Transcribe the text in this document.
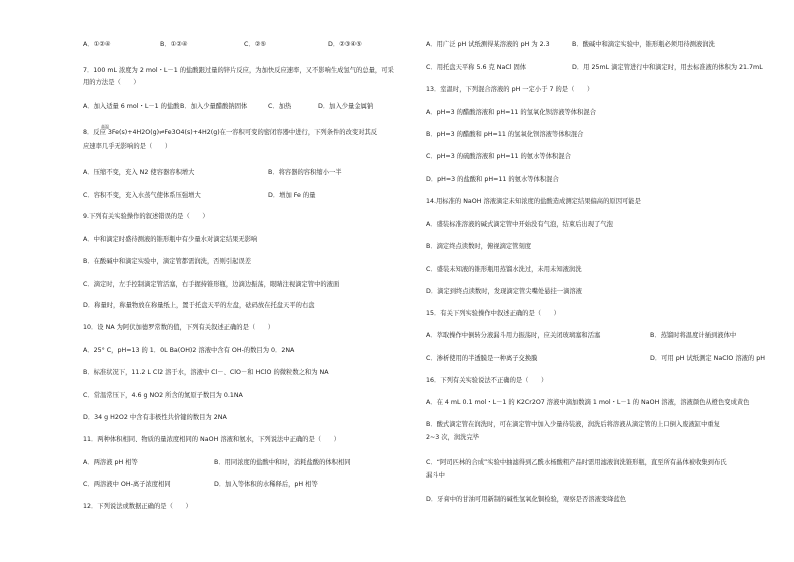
A．①②④	B．①②④	C．②⑤	D．②③④⑤
7．100 mL 浓度为 2 mol・L－1 的盐酸跟过量的锌片反应，为加快反应速率，又不影响生成氢气的总量，可采
用的方法是（　　）
A．加入适量 6 mol・L－1 的盐酸 B．加入少量醋酸钠固体	C．加热	D．加入少量金属钠
高温
8．反应 3Fe(s)+4H2O(g)⇌Fe3O4(s)+4H2(g)在一容积可变的密闭容器中进行，下列条件的改变对其反
应速率几乎无影响的是（　　）
A．压缩不变，充入 N2 使容器容积增大	B．将容器的容积缩小一半
C．容积不变，充入水蒸气使体系压强增大	D．增加 Fe 的量
9.下列有关实验操作的叙述错误的是（　　）
A．中和滴定时盛待测液的锥形瓶中有少量水对滴定结果无影响
B．在酸碱中和滴定实验中，滴定管都需润洗，否则引起误差
C．滴定时，左手控制滴定管活塞，右手握持锥形瓶，边滴边振荡，眼睛注视滴定管中的液面
D．称量时，称量物放在称量纸上，置于托盘天平的左盘，砝码放在托盘天平的右盘
10．设 NA 为阿伏加德罗常数的值，下列有关叙述正确的是（　　）
A．25° C，pH=13 的 1．0L Ba(OH)2 溶液中含有 OH-的数目为 0．2NA
B．标准状况下，11.2 L Cl2 溶于水，溶液中 Cl－、ClO－和 HClO 的微粒数之和为 NA
C．常温常压下，4.6 g NO2 所含的氮原子数目为 0.1NA
D．34 g H2O2 中含有非极性共价键的数目为 2NA
11．两种体积相同、物质的量浓度相同的 NaOH 溶液和氨水，下列说法中正确的是（　　）
A．两溶液 pH 相等	B．用同浓度的盐酸中和时，消耗盐酸的体积相同
C．两溶液中 OH-离子浓度相同	D．加入等体积的水稀释后，pH 相等
12．下列说法或数据正确的是（　　）
A．用广泛 pH 试纸测得某溶液的 pH 为 2.3	B．酸碱中和滴定实验中，锥形瓶必须用待测液润洗
C．用托盘天平称 5.6 克 NaCl 固体	D．用 25mL 滴定管进行中和滴定时，用去标准液的体积为 21.7mL
13．室温时，下列混合溶液的 pH 一定小于 7 的是（　　）
A．pH=3 的醋酸溶液和 pH=11 的氢氧化钡溶液等体积混合
B．pH=3 的醋酸和 pH=11 的氢氧化钡溶液等体积混合
C．pH=3 的硫酸溶液和 pH=11 的氨水等体积混合
D．pH=3 的盐酸和 pH=11 的氨水等体积混合
14.用标准的 NaOH 溶液滴定未知浓度的盐酸造成测定结果偏高的原因可能是
A．盛装标准溶液的碱式滴定管中开始没有气泡，结束后出现了气泡
B．滴定终点读数时，俯视滴定管刻度
C．盛装未知液的锥形瓶用蒸馏水洗过，未用未知液润洗
D．滴定到终点读数时，发现滴定管尖嘴处悬挂一滴溶液
15．有关下列实验操作中叙述正确的是（　　）
A．萃取操作中倒转分液漏斗用力振荡时，应关闭玻璃塞和活塞	B．蒸馏时将温度计插到液体中
C．渗析使用的半透膜是一种离子交换膜	D．可用 pH 试纸测定 NaClO 溶液的 pH
16．下列有关实验说法不正确的是（　　）
A．在 4 mL 0.1 mol・L－1 的 K2Cr2O7 溶液中滴加数滴 1 mol・L－1 的 NaOH 溶液，溶液颜色从橙色变成黄色
B．酸式滴定管在润洗时，可在滴定管中加入少量待装液，润洗后将溶液从滴定管的上口倒入废液缸中重复
2~3 次，润洗完毕
C．“阿司匹林的合成”实验中抽滤得到乙酰水杨酸粗产品时需用滤液润洗锥形瓶，直至所有晶体被收集到布氏
漏斗中
D．牙膏中的甘油可用新制的碱性氢氧化铜检验，观察是否溶液变绛蓝色
